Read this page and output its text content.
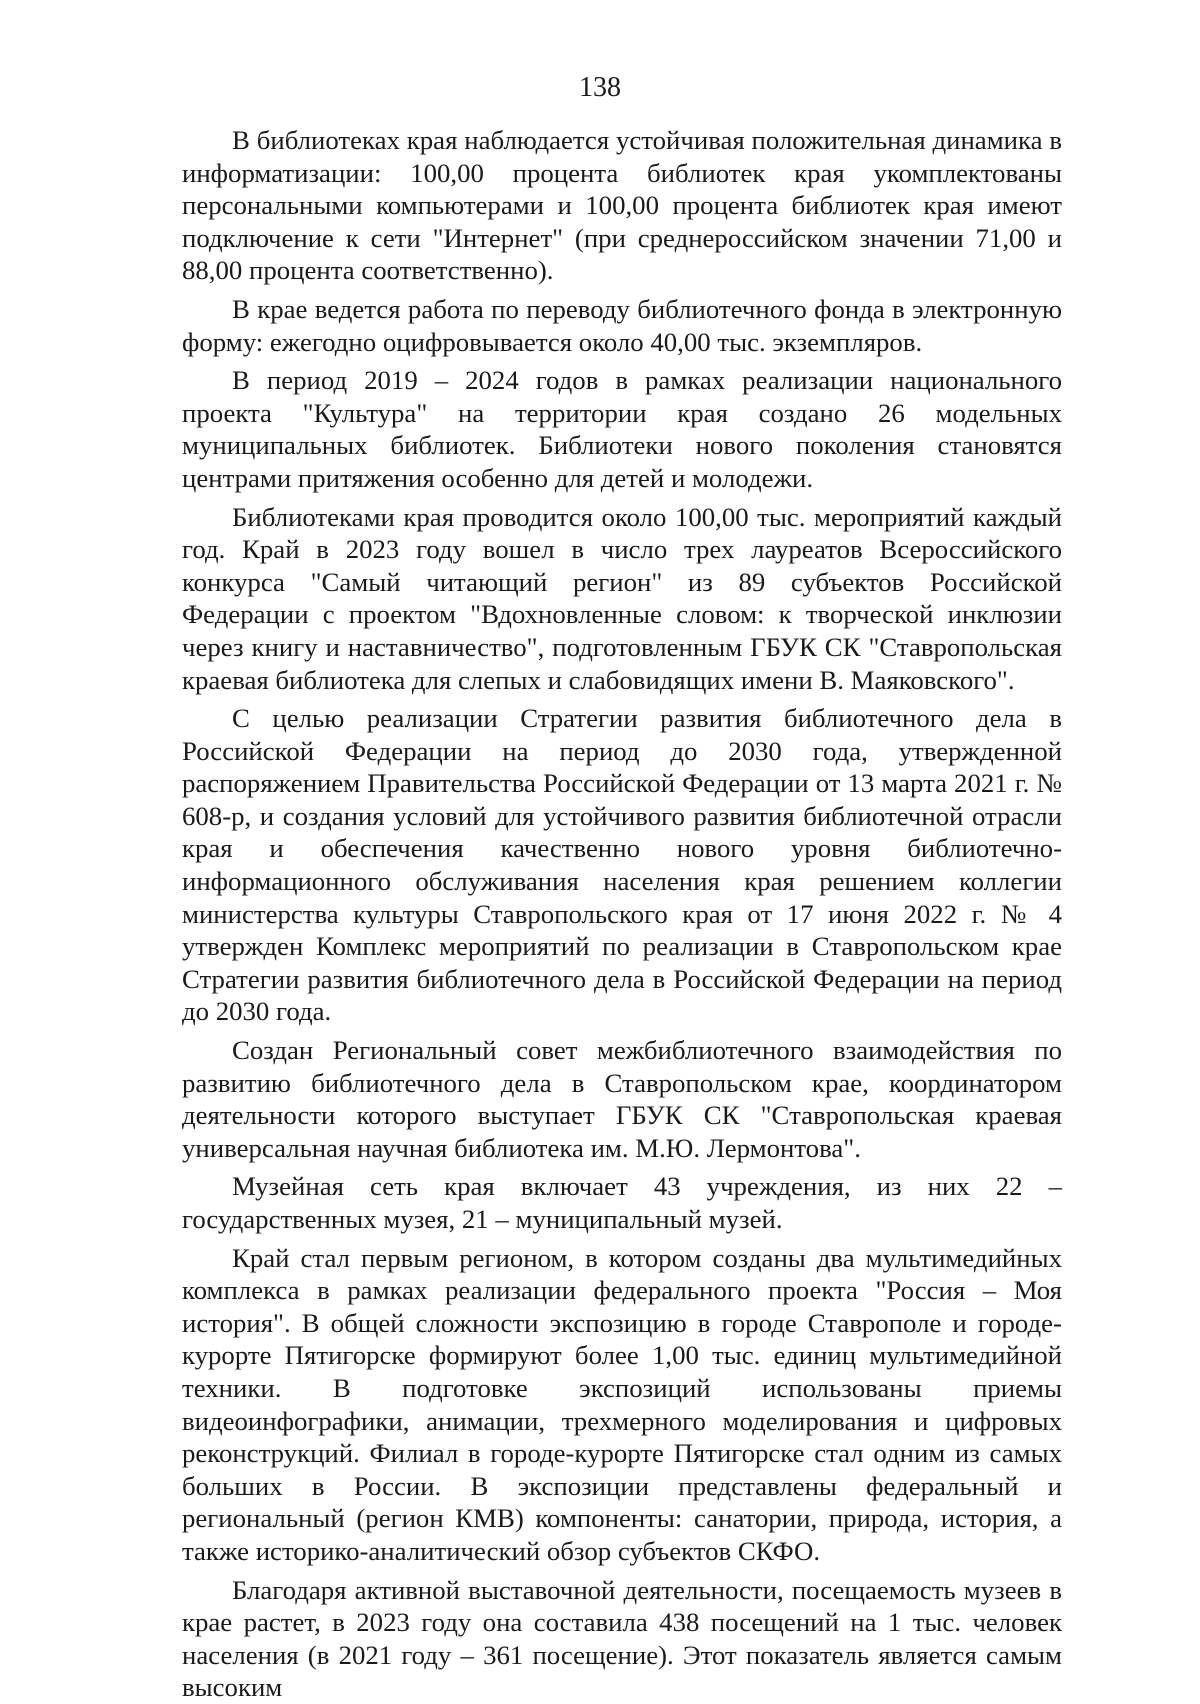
138

В библиотеках края наблюдается устойчивая положительная динамика в информатизации: 100,00 процента библиотек края укомплектованы персональными компьютерами и 100,00 процента библиотек края имеют подключение к сети "Интернет" (при среднероссийском значении 71,00 и 88,00 процента соответственно).

В крае ведется работа по переводу библиотечного фонда в электронную форму: ежегодно оцифровывается около 40,00 тыс. экземпляров.

В период 2019 – 2024 годов в рамках реализации национального проекта "Культура" на территории края создано 26 модельных муниципальных библиотек. Библиотеки нового поколения становятся центрами притяжения особенно для детей и молодежи.

Библиотеками края проводится около 100,00 тыс. мероприятий каждый год. Край в 2023 году вошел в число трех лауреатов Всероссийского конкурса "Самый читающий регион" из 89 субъектов Российской Федерации с проектом "Вдохновленные словом: к творческой инклюзии через книгу и наставничество", подготовленным ГБУК СК "Ставропольская краевая библиотека для слепых и слабовидящих имени В. Маяковского".

С целью реализации Стратегии развития библиотечного дела в Российской Федерации на период до 2030 года, утвержденной распоряжением Правительства Российской Федерации от 13 марта 2021 г. № 608-р, и создания условий для устойчивого развития библиотечной отрасли края и обеспечения качественно нового уровня библиотечно-информационного обслуживания населения края решением коллегии министерства культуры Ставропольского края от 17 июня 2022 г. № 4 утвержден Комплекс мероприятий по реализации в Ставропольском крае Стратегии развития библиотечного дела в Российской Федерации на период до 2030 года.

Создан Региональный совет межбиблиотечного взаимодействия по развитию библиотечного дела в Ставропольском крае, координатором деятельности которого выступает ГБУК СК "Ставропольская краевая универсальная научная библиотека им. М.Ю. Лермонтова".

Музейная сеть края включает 43 учреждения, из них 22 – государственных музея, 21 – муниципальный музей.

Край стал первым регионом, в котором созданы два мультимедийных комплекса в рамках реализации федерального проекта "Россия – Моя история". В общей сложности экспозицию в городе Ставрополе и городе-курорте Пятигорске формируют более 1,00 тыс. единиц мультимедийной техники. В подготовке экспозиций использованы приемы видеоинфографики, анимации, трехмерного моделирования и цифровых реконструкций. Филиал в городе-курорте Пятигорске стал одним из самых больших в России. В экспозиции представлены федеральный и региональный (регион КМВ) компоненты: санатории, природа, история, а также историко-аналитический обзор субъектов СКФО.

Благодаря активной выставочной деятельности, посещаемость музеев в крае растет, в 2023 году она составила 438 посещений на 1 тыс. человек населения (в 2021 году – 361 посещение). Этот показатель является самым высоким
